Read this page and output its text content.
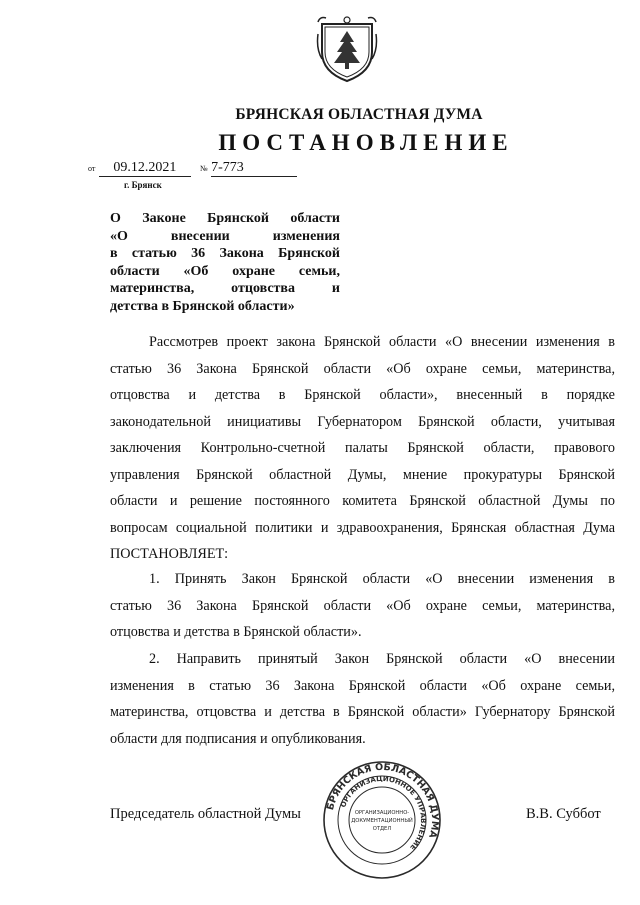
БРЯНСКАЯ ОБЛАСТНАЯ ДУМА
ПОСТАНОВЛЕНИЕ
от 09.12.2021	№ 7-773
г. Брянск
О Законе Брянской области
«О внесении изменения
в статью 36 Закона Брянской
области «Об охране семьи,
материнства, отцовства и
детства в Брянской области»
Рассмотрев проект закона Брянской области «О внесении изменения в
статью 36 Закона Брянской области «Об охране семьи, материнства,
отцовства и детства в Брянской области», внесенный в порядке
законодательной инициативы Губернатором Брянской области, учитывая
заключения Контрольно-счетной палаты Брянской области, правового
управления Брянской областной Думы, мнение прокуратуры Брянской
области и решение постоянного комитета Брянской областной Думы по
вопросам социальной политики и здравоохранения, Брянская областная Дума
ПОСТАНОВЛЯЕТ:
1. Принять Закон Брянской области «О внесении изменения в
статью 36 Закона Брянской области «Об охране семьи, материнства,
отцовства и детства в Брянской области».
2. Направить принятый Закон Брянской области «О внесении
изменения в статью 36 Закона Брянской области «Об охране семьи,
материнства, отцовства и детства в Брянской области» Губернатору Брянской
области для подписания и опубликования.
Председатель областной Думы	В.В. Суббот
БРЯНСКАЯ ОБЛАСТНАЯ ДУМА
ОРГАНИЗАЦИОННОЕ УПРАВЛЕНИЕ
ОРГАНИЗАЦИОННО-
ДОКУМЕНТАЦИОННЫЙ
ОТДЕЛ
